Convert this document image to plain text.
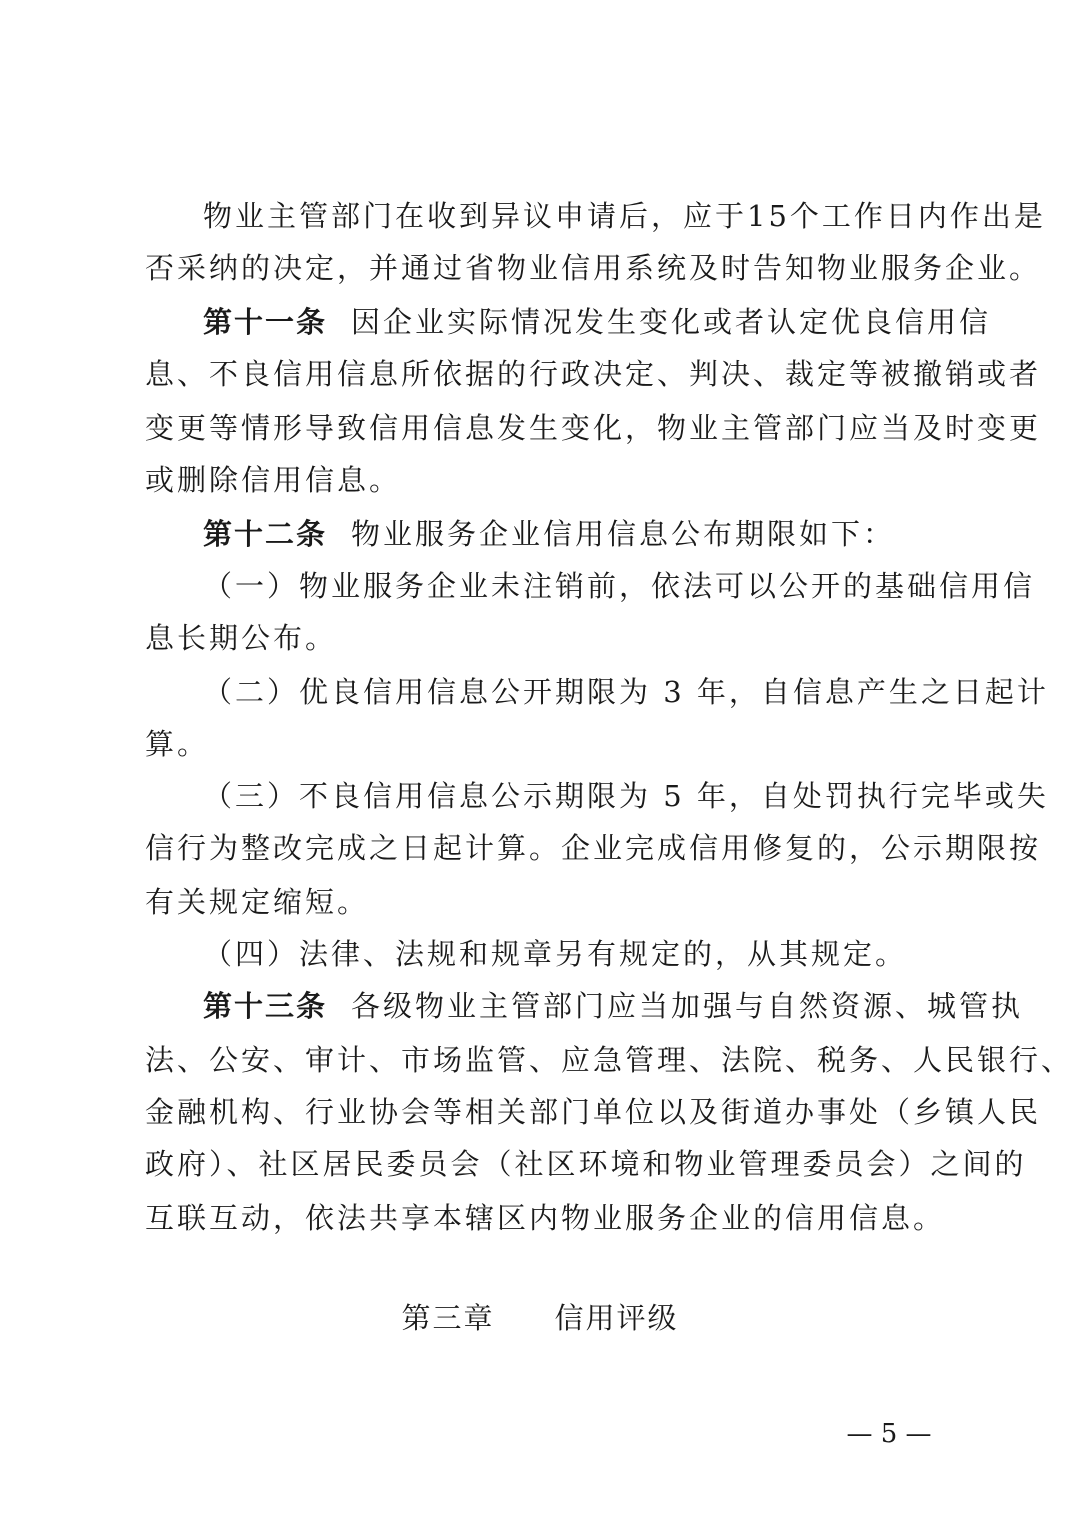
物业主管部门在收到异议申请后，应于15个工作日内作出是
否采纳的决定，并通过省物业信用系统及时告知物业服务企业。
第十一条 因企业实际情况发生变化或者认定优良信用信
息、不良信用信息所依据的行政决定、判决、裁定等被撤销或者
变更等情形导致信用信息发生变化，物业主管部门应当及时变更
或删除信用信息。
第十二条 物业服务企业信用信息公布期限如下：
（一）物业服务企业未注销前，依法可以公开的基础信用信
息长期公布。
（二）优良信用信息公开期限为 3 年，自信息产生之日起计
算。
（三）不良信用信息公示期限为 5 年，自处罚执行完毕或失
信行为整改完成之日起计算。企业完成信用修复的，公示期限按
有关规定缩短。
（四）法律、法规和规章另有规定的，从其规定。
第十三条 各级物业主管部门应当加强与自然资源、城管执
法、公安、审计、市场监管、应急管理、法院、税务、人民银行、
金融机构、行业协会等相关部门单位以及街道办事处（乡镇人民
政府）、社区居民委员会（社区环境和物业管理委员会）之间的
互联互动，依法共享本辖区内物业服务企业的信用信息。
第三章 信用评级
— 5 —
